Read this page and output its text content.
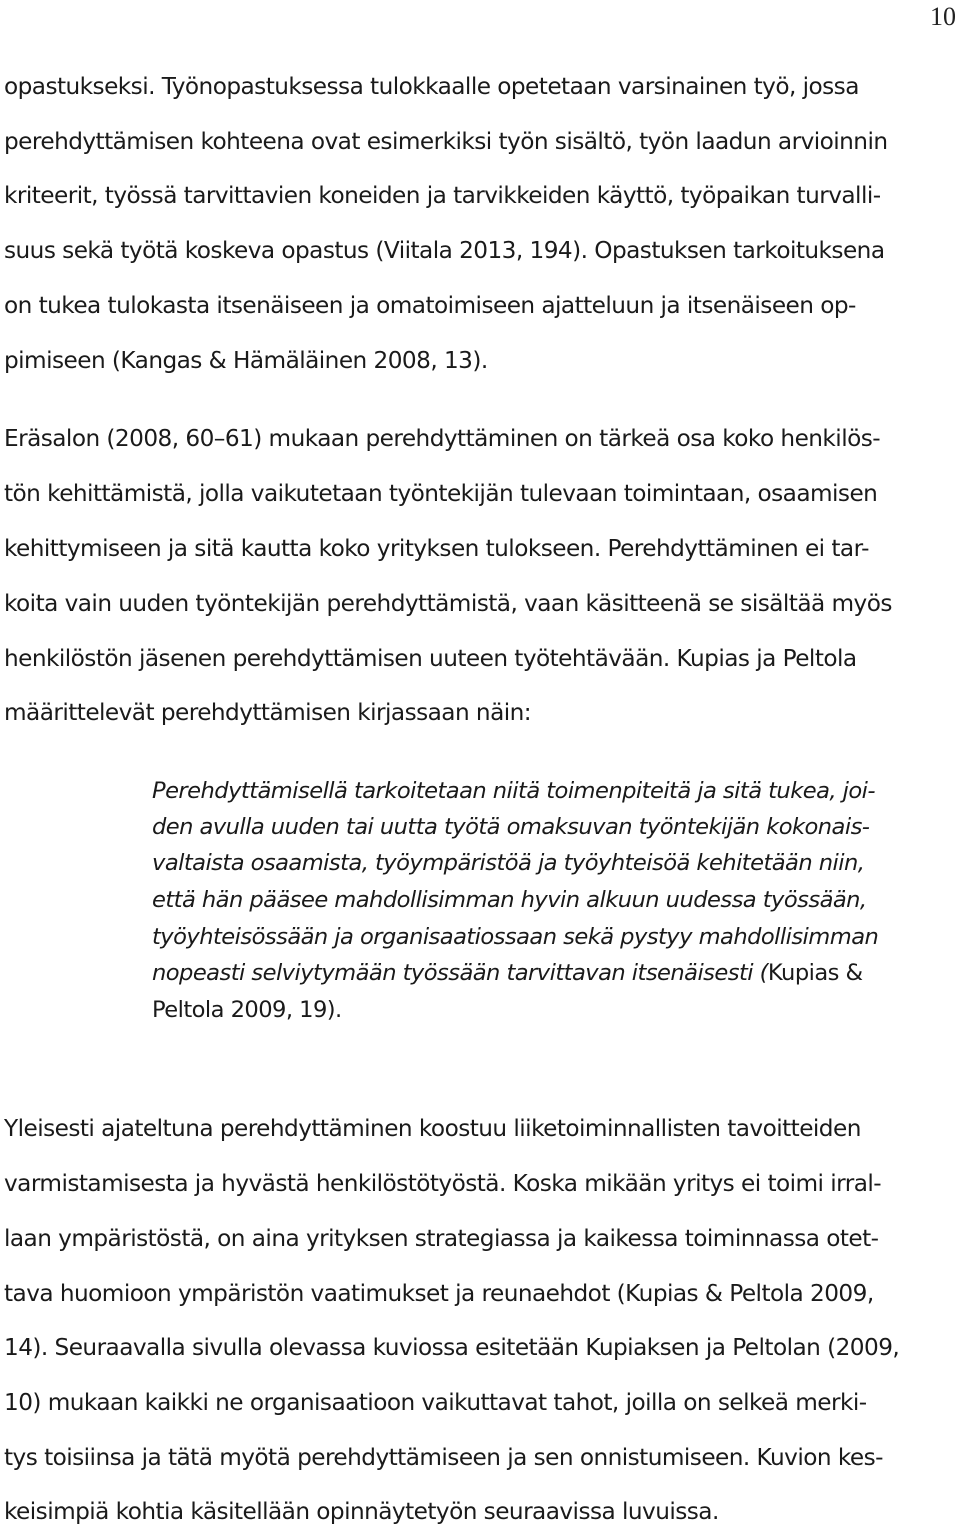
10
opastukseksi. Työnopastuksessa tulokkaalle opetetaan varsinainen työ, jossa
perehdyttämisen kohteena ovat esimerkiksi työn sisältö, työn laadun arvioinnin
kriteerit, työssä tarvittavien koneiden ja tarvikkeiden käyttö, työpaikan turvalli-
suus sekä työtä koskeva opastus (Viitala 2013, 194). Opastuksen tarkoituksena
on tukea tulokasta itsenäiseen ja omatoimiseen ajatteluun ja itsenäiseen op-
pimiseen (Kangas & Hämäläinen 2008, 13).
Eräsalon (2008, 60–61) mukaan perehdyttäminen on tärkeä osa koko henkilös-
tön kehittämistä, jolla vaikutetaan työntekijän tulevaan toimintaan, osaamisen
kehittymiseen ja sitä kautta koko yrityksen tulokseen. Perehdyttäminen ei tar-
koita vain uuden työntekijän perehdyttämistä, vaan käsitteenä se sisältää myös
henkilöstön jäsenen perehdyttämisen uuteen työtehtävään. Kupias ja Peltola
määrittelevät perehdyttämisen kirjassaan näin:
Perehdyttämisellä tarkoitetaan niitä toimenpiteitä ja sitä tukea, joi-
den avulla uuden tai uutta työtä omaksuvan työntekijän kokonais-
valtaista osaamista, työympäristöä ja työyhteisöä kehitetään niin,
että hän pääsee mahdollisimman hyvin alkuun uudessa työssään,
työyhteisössään ja organisaatiossaan sekä pystyy mahdollisimman
nopeasti selviytymään työssään tarvittavan itsenäisesti (Kupias &
Peltola 2009, 19).
Yleisesti ajateltuna perehdyttäminen koostuu liiketoiminnallisten tavoitteiden
varmistamisesta ja hyvästä henkilöstötyöstä. Koska mikään yritys ei toimi irral-
laan ympäristöstä, on aina yrityksen strategiassa ja kaikessa toiminnassa otet-
tava huomioon ympäristön vaatimukset ja reunaehdot (Kupias & Peltola 2009,
14). Seuraavalla sivulla olevassa kuviossa esitetään Kupiaksen ja Peltolan (2009,
10) mukaan kaikki ne organisaatioon vaikuttavat tahot, joilla on selkeä merki-
tys toisiinsa ja tätä myötä perehdyttämiseen ja sen onnistumiseen. Kuvion kes-
keisimpiä kohtia käsitellään opinnäytetyön seuraavissa luvuissa.
